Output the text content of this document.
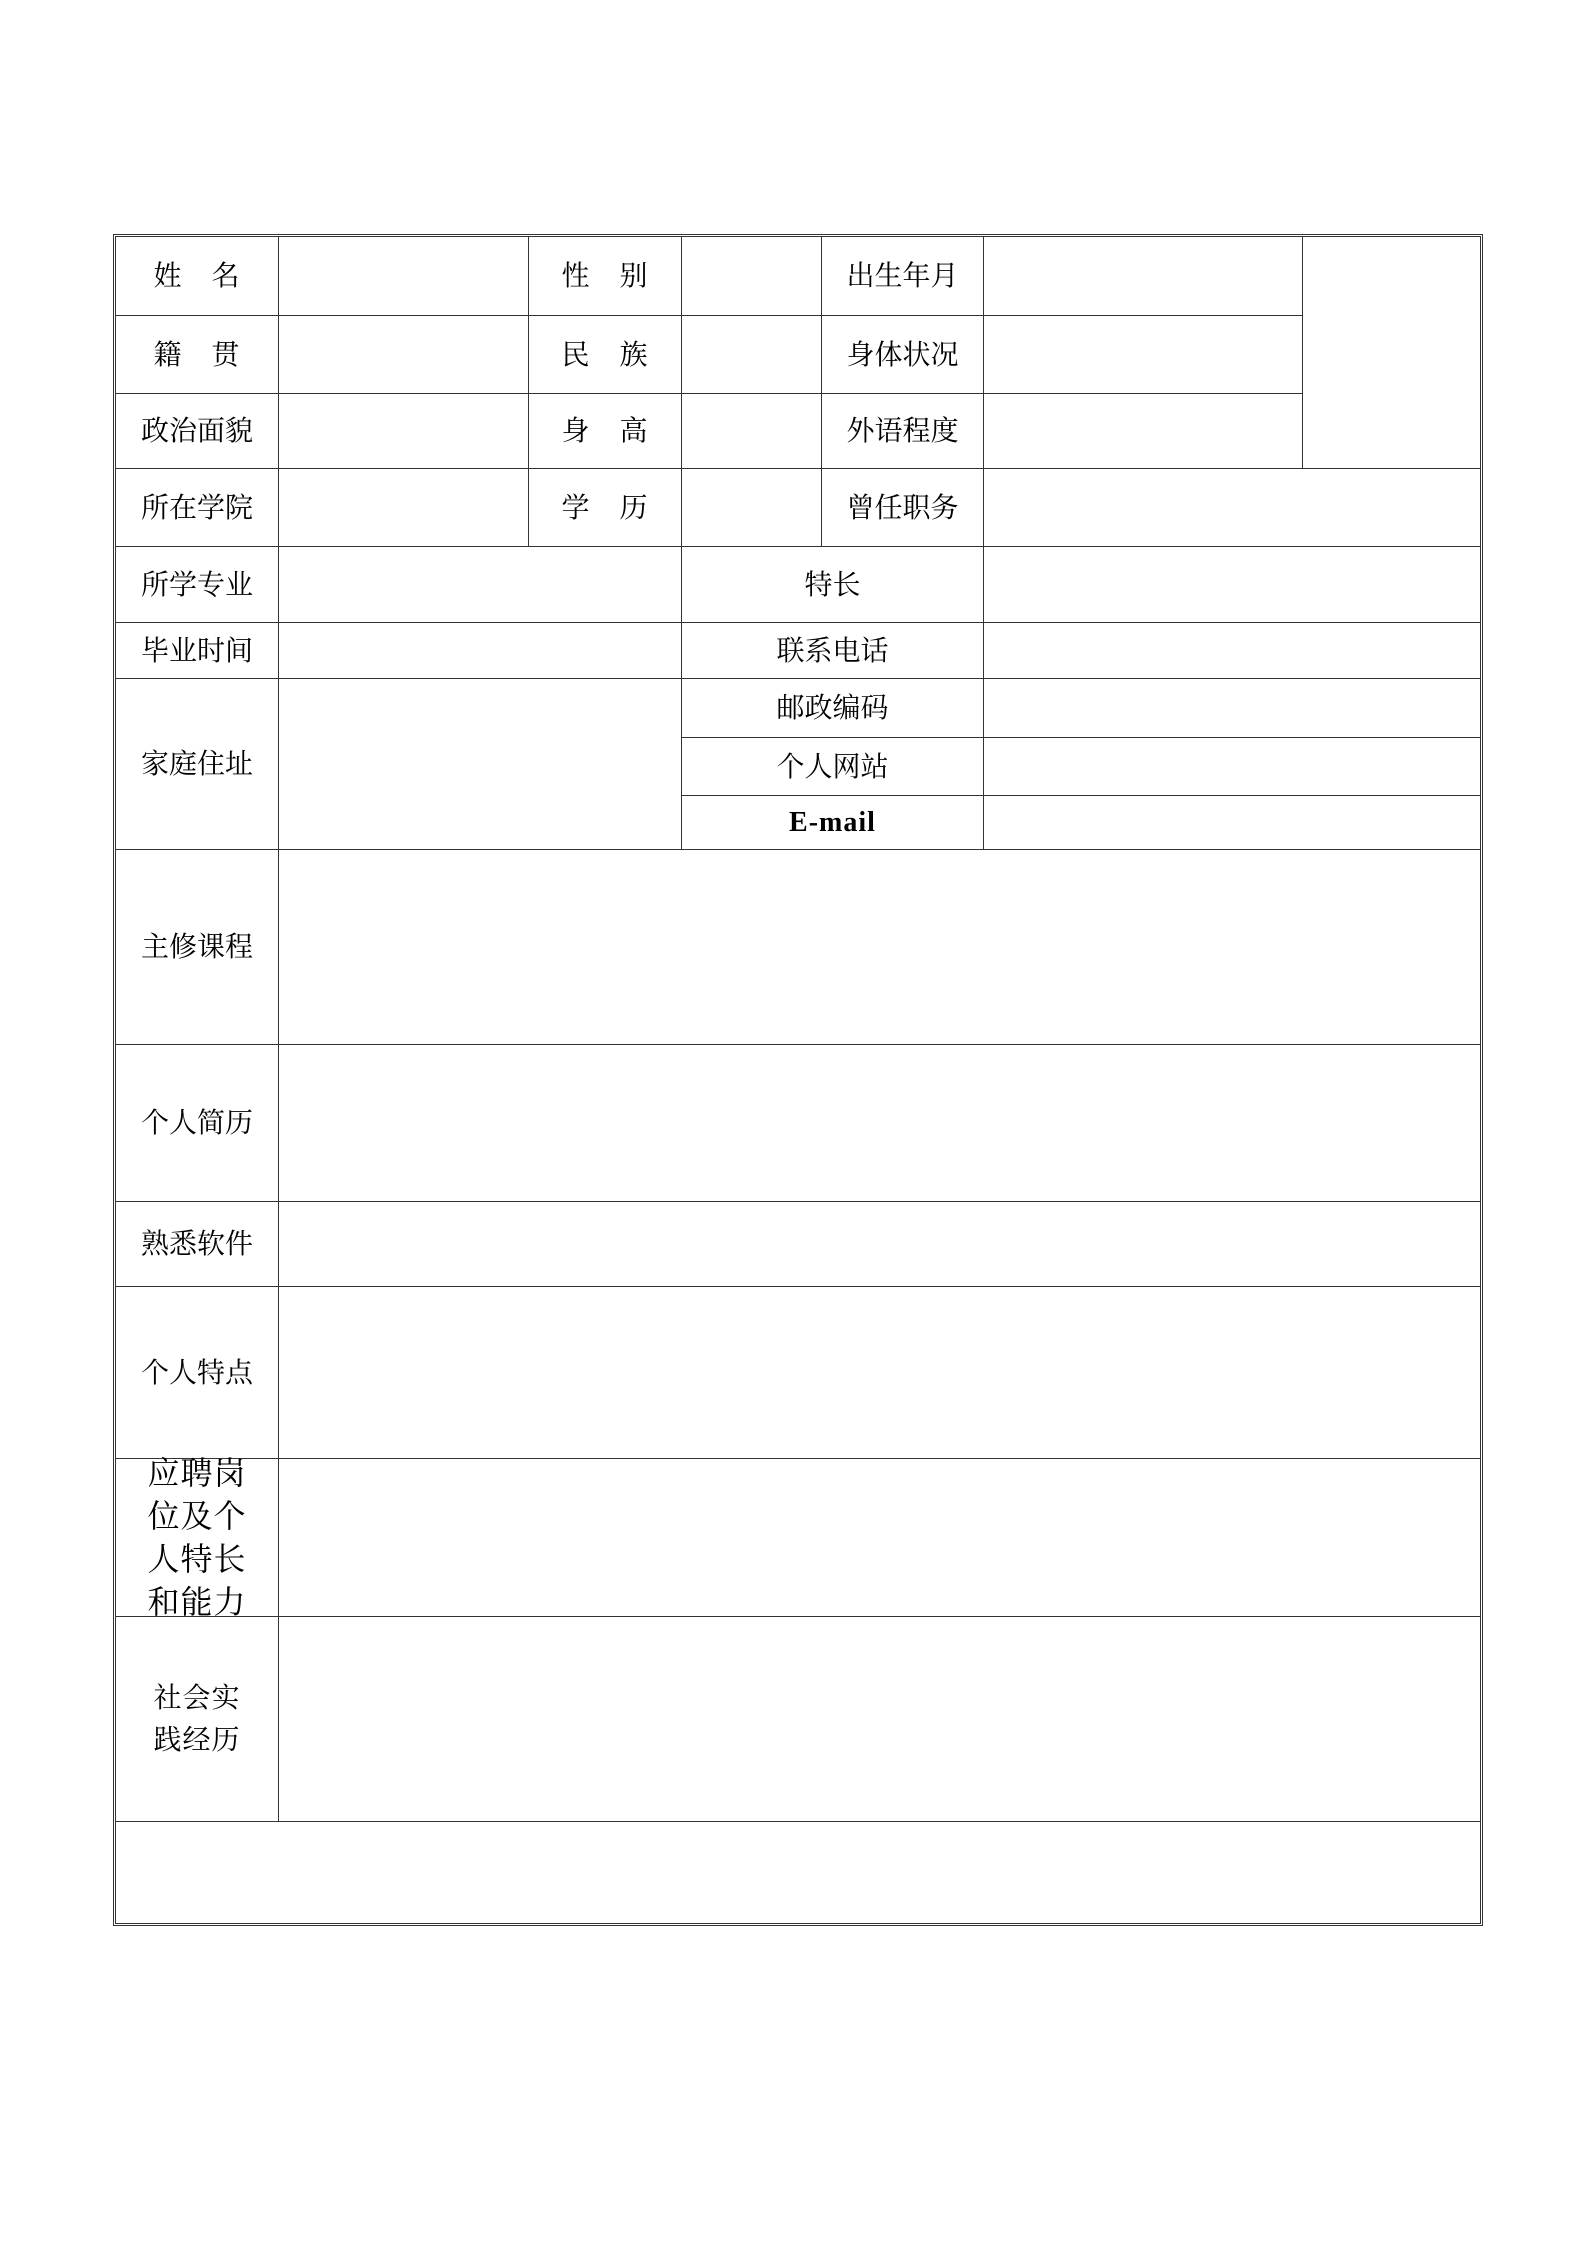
姓　名	性　别	出生年月
籍　贯	民　族	身体状况
政治面貌	身　高	外语程度
所在学院	学　历	曾任职务
所学专业	特长
毕业时间	联系电话
家庭住址
邮政编码
个人网站
E-mail
主修课程
个人简历
熟悉软件
个人特点
应聘岗位及个人特长和能力
社会实践经历
